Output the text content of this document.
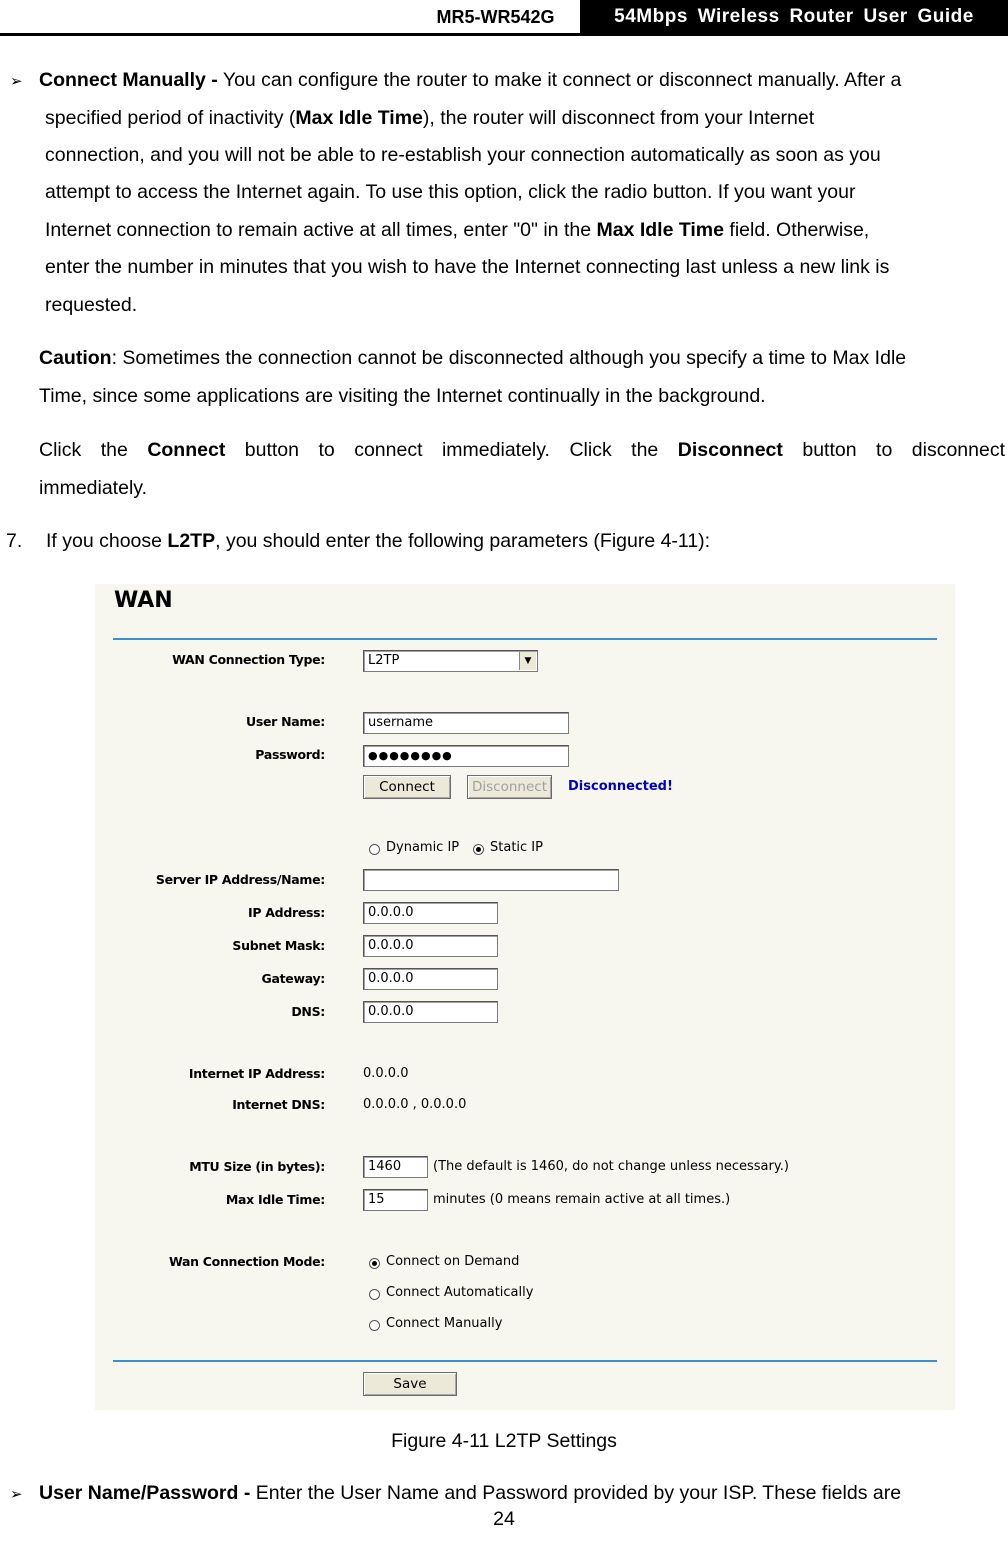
MR5-WR542G	54Mbps Wireless Router User Guide
➢ Connect Manually - You can configure the router to make it connect or disconnect manually. After a
specified period of inactivity (Max Idle Time), the router will disconnect from your Internet
connection, and you will not be able to re-establish your connection automatically as soon as you
attempt to access the Internet again. To use this option, click the radio button. If you want your
Internet connection to remain active at all times, enter "0" in the Max Idle Time field. Otherwise,
enter the number in minutes that you wish to have the Internet connecting last unless a new link is
requested.
Caution: Sometimes the connection cannot be disconnected although you specify a time to Max Idle
Time, since some applications are visiting the Internet continually in the background.
Click the Connect button to connect immediately. Click the Disconnect button to disconnect
immediately.
7. If you choose L2TP, you should enter the following parameters (Figure 4-11):
WAN
WAN Connection Type:	L2TP	▼
User Name:	username
Password:	●●●●●●●●
Connect	Disconnect	Disconnected!
Dynamic IP Static IP
Server IP Address/Name:
IP Address:	0.0.0.0
Subnet Mask:	0.0.0.0
Gateway:	0.0.0.0
DNS:	0.0.0.0
Internet IP Address:	0.0.0.0
Internet DNS:	0.0.0.0 , 0.0.0.0
MTU Size (in bytes):	1460	(The default is 1460, do not change unless necessary.)
Max Idle Time:	15	minutes (0 means remain active at all times.)
Wan Connection Mode:	Connect on Demand
Connect Automatically
Connect Manually
Save
Figure 4-11 L2TP Settings
➢ User Name/Password - Enter the User Name and Password provided by your ISP. These fields are
24
